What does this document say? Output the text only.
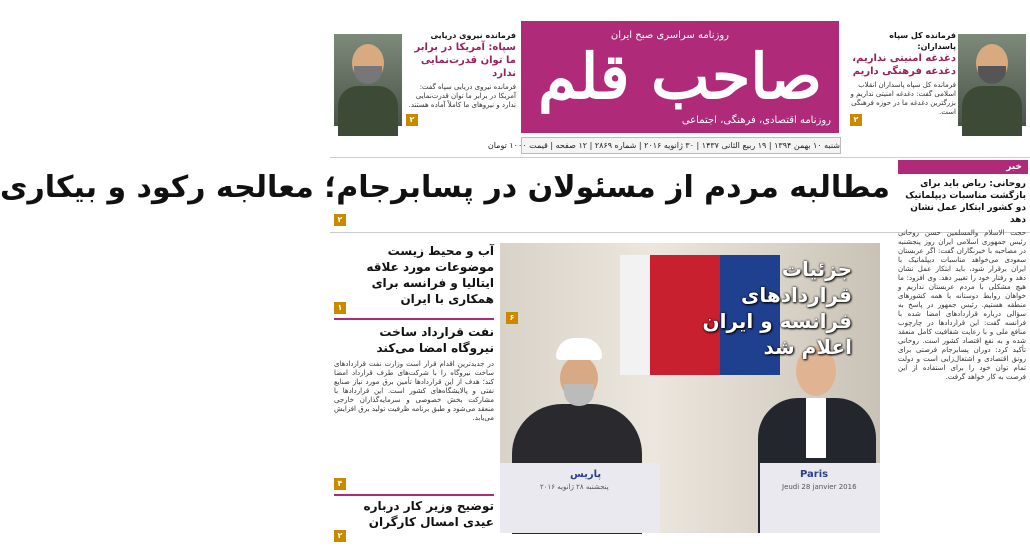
روزنامه سراسری صبح ایران
صاحب قلم
روزنامه اقتصادی، فرهنگی، اجتماعی
فرمانده کل سپاه پاسداران:
دغدغه امنیتی نداریم، دغدغه فرهنگی داریم
فرمانده کل سپاه پاسداران انقلاب اسلامی گفت: دغدغه امنیتی نداریم و بزرگترین دغدغه ما در حوزه فرهنگی است.
۲
فرمانده نیروی دریایی
سپاه: آمریکا در برابر ما توان قدرت‌نمایی ندارد
فرمانده نیروی دریایی سپاه گفت: آمریکا در برابر ما توان قدرت‌نمایی ندارد و نیروهای ما کاملاً آماده هستند.
۲
شنبه ۱۰ بهمن ۱۳۹۴ | ۱۹ ربیع الثانی ۱۴۳۷ | ۳۰ ژانویه ۲۰۱۶ | شماره ۲۸۶۹ | ۱۲ صفحه | قیمت ۱۰۰۰ تومان
مطالبه مردم از مسئولان در پسابرجام؛ معالجه رکود و بیکاری
۲
پاریس
پنجشنبه ۲۸ ژانویه ۲۰۱۶
Paris
Jeudi 28 janvier 2016
جزئیات قراردادهای فرانسه و ایران اعلام شد
۶
آب و محیط زیست موضوعات مورد علاقه ایتالیا و فرانسه برای همکاری با ایران
۱
نفت قرارداد ساخت نیروگاه امضا می‌کند
در جدیدترین اقدام قرار است وزارت نفت قراردادهای ساخت نیروگاه را با شرکت‌های طرف قرارداد امضا کند؛ هدف از این قراردادها تأمین برق مورد نیاز صنایع نفتی و پالایشگاه‌های کشور است. این قراردادها با مشارکت بخش خصوصی و سرمایه‌گذاران خارجی منعقد می‌شود و طبق برنامه ظرفیت تولید برق افزایش می‌یابد.
۴
توضیح وزیر کار درباره عیدی امسال کارگران
۲
خبر
روحانی: ریاض باید برای بازگشت مناسبات دیپلماتیک دو کشور ابتکار عمل نشان دهد
حجت الاسلام والمسلمین حسن روحانی رئیس جمهوری اسلامی ایران روز پنجشنبه در مصاحبه با خبرنگاران گفت: اگر عربستان سعودی می‌خواهد مناسبات دیپلماتیک با ایران برقرار شود، باید ابتکار عمل نشان دهد و رفتار خود را تغییر دهد. وی افزود: ما هیچ مشکلی با مردم عربستان نداریم و خواهان روابط دوستانه با همه کشورهای منطقه هستیم. رئیس جمهور در پاسخ به سؤالی درباره قراردادهای امضا شده با فرانسه گفت: این قراردادها در چارچوب منافع ملی و با رعایت شفافیت کامل منعقد شده و به نفع اقتصاد کشور است. روحانی تأکید کرد: دوران پسابرجام فرصتی برای رونق اقتصادی و اشتغال‌زایی است و دولت تمام توان خود را برای استفاده از این فرصت به کار خواهد گرفت.
